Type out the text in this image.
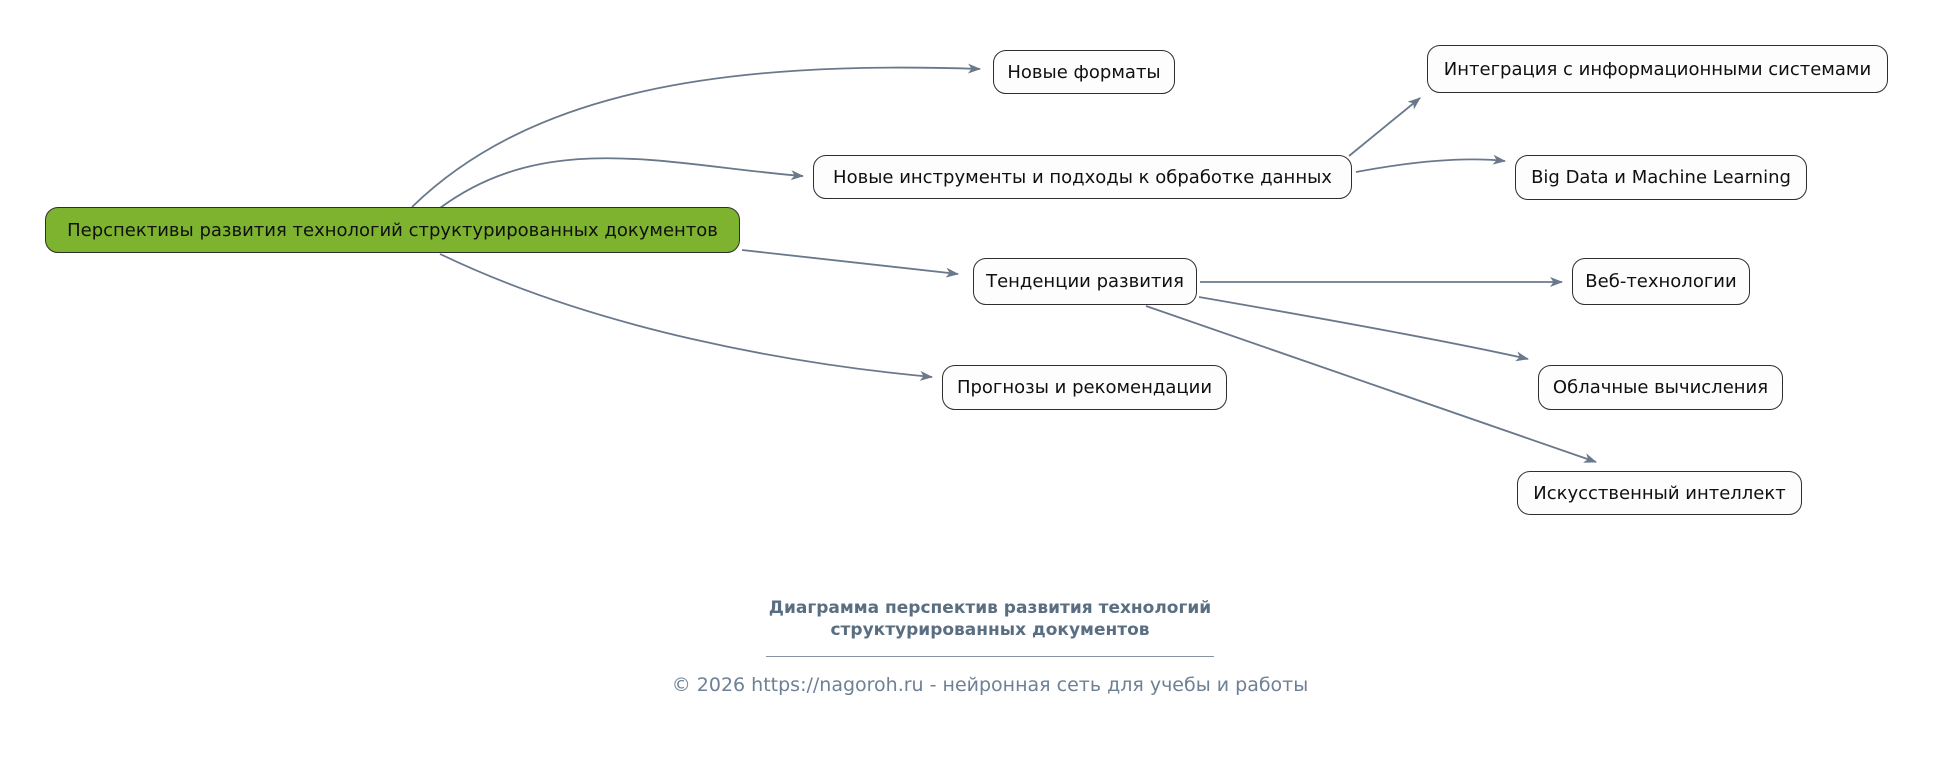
Перспективы развития технологий структурированных документов
Новые форматы	Интеграция с информационными системами
Новые инструменты и подходы к обработке данных	Big Data и Machine Learning
Тенденции развития	Веб-технологии
Прогнозы и рекомендации	Облачные вычисления
Искусственный интеллект
Диаграмма перспектив развития технологий
структурированных документов
© 2026 https://nagoroh.ru - нейронная сеть для учебы и работы
